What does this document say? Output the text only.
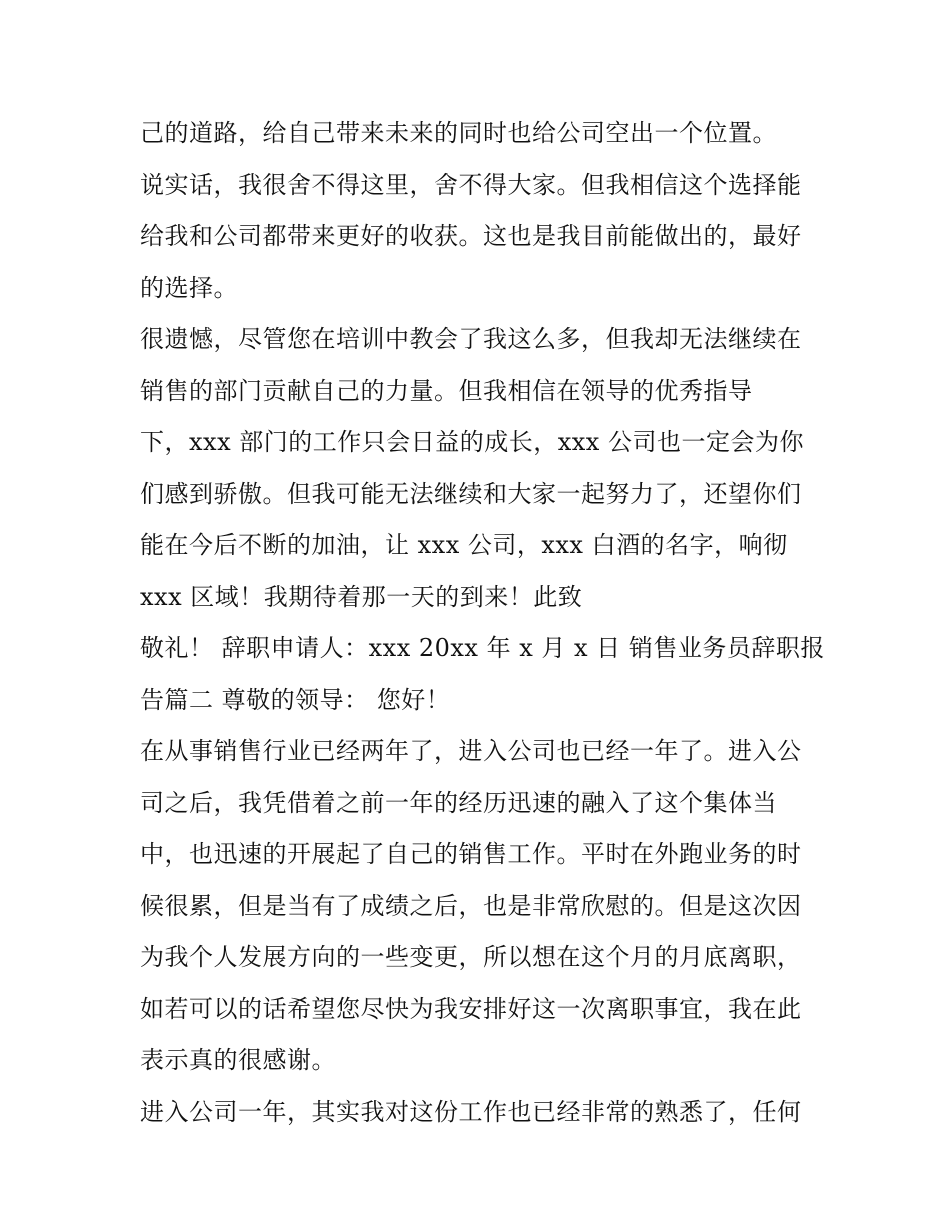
己的道路，给自己带来未来的同时也给公司空出一个位置。
说实话，我很舍不得这里，舍不得大家。但我相信这个选择能
给我和公司都带来更好的收获。这也是我目前能做出的，最好
的选择。
很遗憾，尽管您在培训中教会了我这么多，但我却无法继续在
销售的部门贡献自己的力量。但我相信在领导的优秀指导
下，xxx 部门的工作只会日益的成长，xxx 公司也一定会为你
们感到骄傲。但我可能无法继续和大家一起努力了，还望你们
能在今后不断的加油，让 xxx 公司，xxx 白酒的名字，响彻
xxx 区域！我期待着那一天的到来！此致
敬礼！ 辞职申请人：xxx 20xx 年 x 月 x 日 销售业务员辞职报
告篇二 尊敬的领导： 您好！
在从事销售行业已经两年了，进入公司也已经一年了。进入公
司之后，我凭借着之前一年的经历迅速的融入了这个集体当
中，也迅速的开展起了自己的销售工作。平时在外跑业务的时
候很累，但是当有了成绩之后，也是非常欣慰的。但是这次因
为我个人发展方向的一些变更，所以想在这个月的月底离职，
如若可以的话希望您尽快为我安排好这一次离职事宜，我在此
表示真的很感谢。
进入公司一年，其实我对这份工作也已经非常的熟悉了，任何
